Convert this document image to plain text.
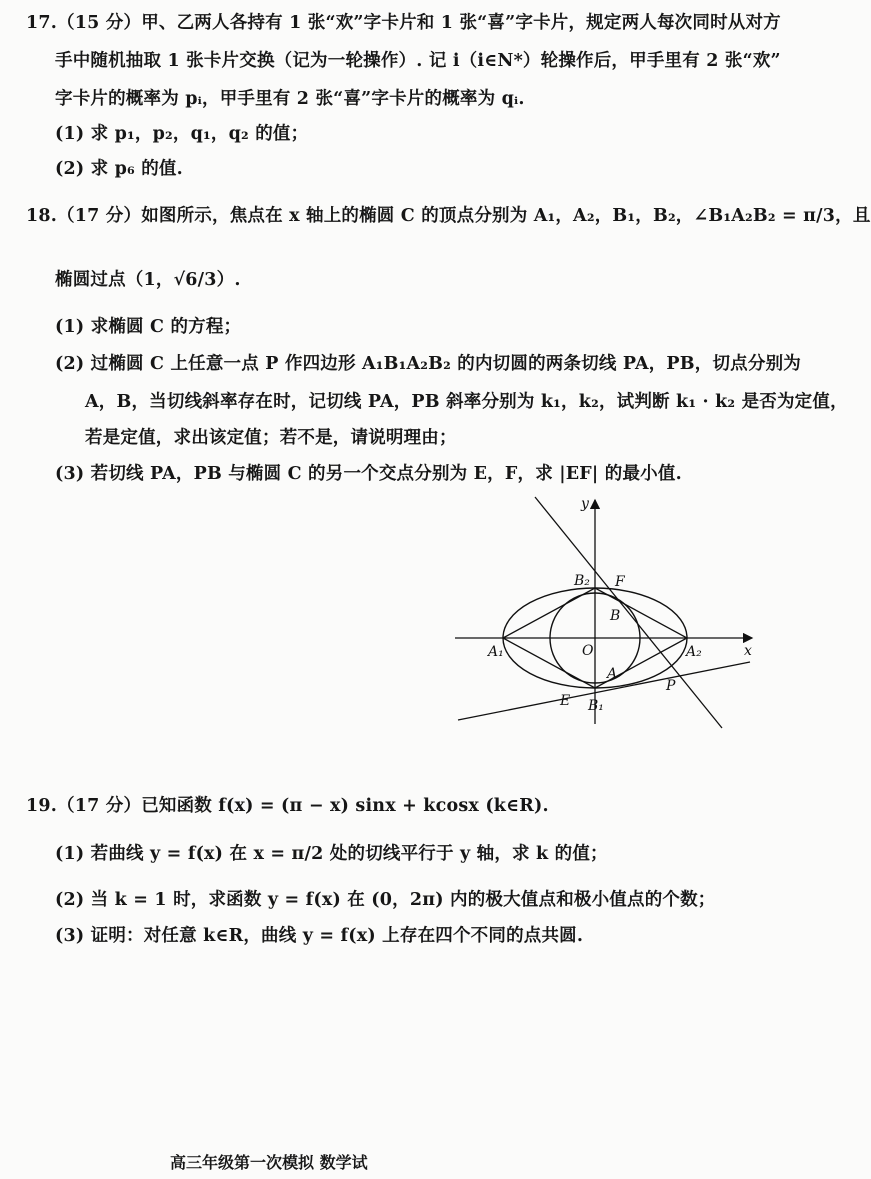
17.（15 分）甲、乙两人各持有 1 张“欢”字卡片和 1 张“喜”字卡片，规定两人每次同时从对方
手中随机抽取 1 张卡片交换（记为一轮操作）. 记 i（i∈N*）轮操作后，甲手里有 2 张“欢”
字卡片的概率为 pᵢ，甲手里有 2 张“喜”字卡片的概率为 qᵢ.
(1) 求 p₁，p₂，q₁，q₂ 的值；
(2) 求 p₆ 的值.
18.（17 分）如图所示，焦点在 x 轴上的椭圆 C 的顶点分别为 A₁，A₂，B₁，B₂，∠B₁A₂B₂ = π/3，且
椭圆过点（1，√6/3）.
(1) 求椭圆 C 的方程；
(2) 过椭圆 C 上任意一点 P 作四边形 A₁B₁A₂B₂ 的内切圆的两条切线 PA，PB，切点分别为
A，B，当切线斜率存在时，记切线 PA，PB 斜率分别为 k₁，k₂，试判断 k₁ · k₂ 是否为定值，
若是定值，求出该定值；若不是，请说明理由；
(3) 若切线 PA，PB 与椭圆 C 的另一个交点分别为 E，F，求 |EF| 的最小值.
y
x
O
A₁	A₂
B₂
B₁
B
F
A
E
P
19.（17 分）已知函数 f(x) = (π − x) sinx + kcosx (k∈R).
(1) 若曲线 y = f(x) 在 x = π/2 处的切线平行于 y 轴，求 k 的值；
(2) 当 k = 1 时，求函数 y = f(x) 在 (0，2π) 内的极大值点和极小值点的个数；
(3) 证明：对任意 k∈R，曲线 y = f(x) 上存在四个不同的点共圆.
高三年级第一次模拟 数学试
